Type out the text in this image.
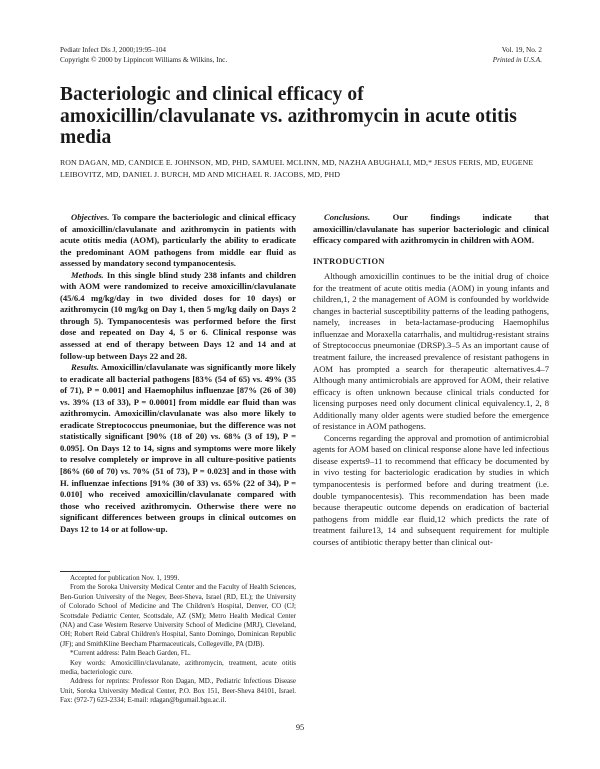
Pediatr Infect Dis J, 2000;19:95–104
Copyright © 2000 by Lippincott Williams & Wilkins, Inc.
Vol. 19, No. 2
Printed in U.S.A.
Bacteriologic and clinical efficacy of amoxicillin/clavulanate vs. azithromycin in acute otitis media
RON DAGAN, MD, CANDICE E. JOHNSON, MD, PHD, SAMUEL MCLINN, MD, NAZHA ABUGHALI, MD,* JESUS FERIS, MD, EUGENE LEIBOVITZ, MD, DANIEL J. BURCH, MD AND MICHAEL R. JACOBS, MD, PHD

Objectives. To compare the bacteriologic and clinical efficacy of amoxicillin/clavulanate and azithromycin in patients with acute otitis media (AOM), particularly the ability to eradicate the predominant AOM pathogens from middle ear fluid as assessed by mandatory second tympanocentesis.

Methods. In this single blind study 238 infants and children with AOM were randomized to receive amoxicillin/clavulanate (45/6.4 mg/kg/day in two divided doses for 10 days) or azithromycin (10 mg/kg on Day 1, then 5 mg/kg daily on Days 2 through 5). Tympanocentesis was performed before the first dose and repeated on Day 4, 5 or 6. Clinical response was assessed at end of therapy between Days 12 and 14 and at follow-up between Days 22 and 28.

Results. Amoxicillin/clavulanate was significantly more likely to eradicate all bacterial pathogens [83% (54 of 65) vs. 49% (35 of 71), P = 0.001] and Haemophilus influenzae [87% (26 of 30) vs. 39% (13 of 33), P = 0.0001] from middle ear fluid than was azithromycin. Amoxicillin/clavulanate was also more likely to eradicate Streptococcus pneumoniae, but the difference was not statistically significant [90% (18 of 20) vs. 68% (3 of 19), P = 0.095]. On Days 12 to 14, signs and symptoms were more likely to resolve completely or improve in all culture-positive patients [86% (60 of 70) vs. 70% (51 of 73), P = 0.023] and in those with H. influenzae infections [91% (30 of 33) vs. 65% (22 of 34), P = 0.010] who received amoxicillin/clavulanate compared with those who received azithromycin. Otherwise there were no significant differences between groups in clinical outcomes on Days 12 to 14 or at follow-up.

Conclusions. Our findings indicate that amoxicillin/clavulanate has superior bacteriologic and clinical efficacy compared with azithromycin in children with AOM.

INTRODUCTION

Although amoxicillin continues to be the initial drug of choice for the treatment of acute otitis media (AOM) in young infants and children,1, 2 the management of AOM is confounded by worldwide changes in bacterial susceptibility patterns of the leading pathogens, namely, increases in beta-lactamase-producing Haemophilus influenzae and Moraxella catarrhalis, and multidrug-resistant strains of Streptococcus pneumoniae (DRSP).3–5 As an important cause of treatment failure, the increased prevalence of resistant pathogens in AOM has prompted a search for therapeutic alternatives.4–7 Although many antimicrobials are approved for AOM, their relative efficacy is often unknown because clinical trials conducted for licensing purposes need only document clinical equivalency.1, 2, 8 Additionally many older agents were studied before the emergence of resistance in AOM pathogens.

Concerns regarding the approval and promotion of antimicrobial agents for AOM based on clinical response alone have led infectious disease experts9–11 to recommend that efficacy be documented by in vivo testing for bacteriologic eradication by studies in which tympanocentesis is performed before and during treatment (i.e. double tympanocentesis). This recommendation has been made because therapeutic outcome depends on eradication of bacterial pathogens from middle ear fluid,12 which predicts the rate of treatment failure13, 14 and subsequent requirement for multiple courses of antibiotic therapy better than clinical out-

Accepted for publication Nov. 1, 1999.

From the Soroka University Medical Center and the Faculty of Health Sciences, Ben-Gurion University of the Negev, Beer-Sheva, Israel (RD, EL); the University of Colorado School of Medicine and The Children's Hospital, Denver, CO (CJ; Scottsdale Pediatric Center, Scottsdale, AZ (SM); Metro Health Medical Center (NA) and Case Western Reserve University School of Medicine (MRJ), Cleveland, OH; Robert Reid Cabral Children's Hospital, Santo Domingo, Dominican Republic (JF); and SmithKline Beecham Pharmaceuticals, Collegeville, PA (DJB).

*Current address: Palm Beach Garden, FL.

Key words: Amoxicillin/clavulanate, azithromycin, treatment, acute otitis media, bacteriologic cure.

Address for reprints: Professor Ron Dagan, MD., Pediatric Infectious Disease Unit, Soroka University Medical Center, P.O. Box 151, Beer-Sheva 84101, Israel. Fax: (972-7) 623-2334; E-mail: rdagan@bgumail.bgu.ac.il.

95
